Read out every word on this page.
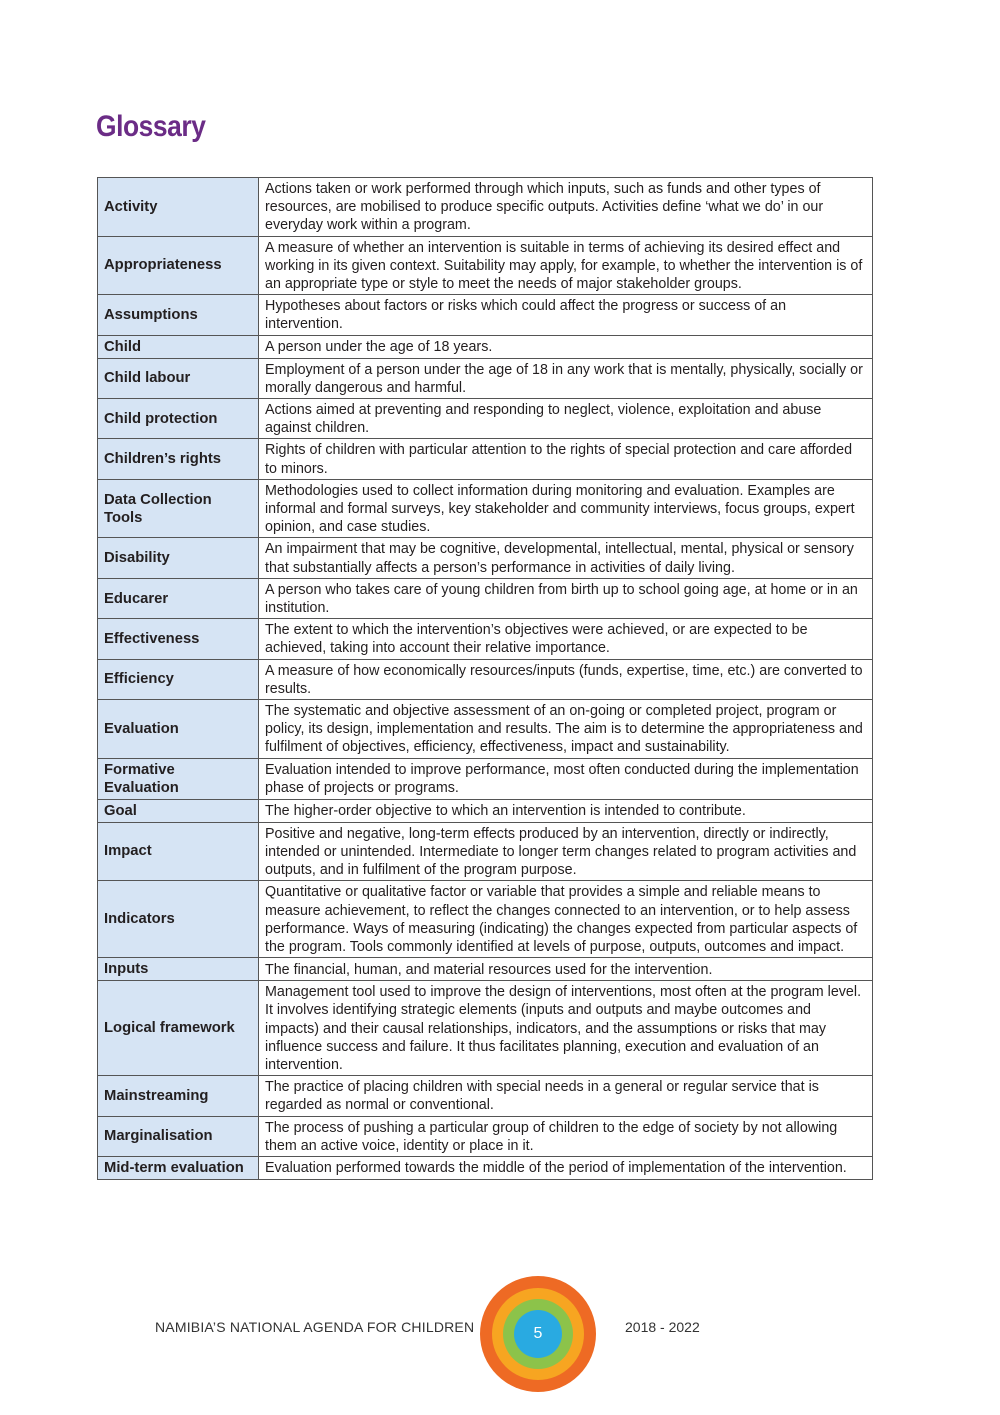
Glossary
Activity	Actions taken or work performed through which inputs, such as funds and other types of resources, are mobilised to produce specific outputs. Activities define ‘what we do’ in our everyday work within a program.
Appropriateness	A measure of whether an intervention is suitable in terms of achieving its desired effect and working in its given context. Suitability may apply, for example, to whether the intervention is of an appropriate type or style to meet the needs of major stakeholder groups.
Assumptions	Hypotheses about factors or risks which could affect the progress or success of an intervention.
Child	A person under the age of 18 years.
Child labour	Employment of a person under the age of 18 in any work that is mentally, physically, socially or morally dangerous and harmful.
Child protection	Actions aimed at preventing and responding to neglect, violence, exploitation and abuse against children.
Children’s rights	Rights of children with particular attention to the rights of special protection and care afforded to minors.
Data Collection Tools	Methodologies used to collect information during monitoring and evaluation. Examples are informal and formal surveys, key stakeholder and community interviews, focus groups, expert opinion, and case studies.
Disability	An impairment that may be cognitive, developmental, intellectual, mental, physical or sensory that substantially affects a person’s performance in activities of daily living.
Educarer	A person who takes care of young children from birth up to school going age, at home or in an institution.
Effectiveness	The extent to which the intervention’s objectives were achieved, or are expected to be achieved, taking into account their relative importance.
Efficiency	A measure of how economically resources/inputs (funds, expertise, time, etc.) are converted to results.
Evaluation	The systematic and objective assessment of an on-going or completed project, program or policy, its design, implementation and results. The aim is to determine the appropriateness and fulfilment of objectives, efficiency, effectiveness, impact and sustainability.
Formative Evaluation	Evaluation intended to improve performance, most often conducted during the implementation phase of projects or programs.
Goal	The higher-order objective to which an intervention is intended to contribute.
Impact	Positive and negative, long-term effects produced by an intervention, directly or indirectly, intended or unintended. Intermediate to longer term changes related to program activities and outputs, and in fulfilment of the program purpose.
Indicators	Quantitative or qualitative factor or variable that provides a simple and reliable means to measure achievement, to reflect the changes connected to an intervention, or to help assess performance. Ways of measuring (indicating) the changes expected from particular aspects of the program. Tools commonly identified at levels of purpose, outputs, outcomes and impact.
Inputs	The financial, human, and material resources used for the intervention.
Logical framework	Management tool used to improve the design of interventions, most often at the program level. It involves identifying strategic elements (inputs and outputs and maybe outcomes and impacts) and their causal relationships, indicators, and the assumptions or risks that may influence success and failure. It thus facilitates planning, execution and evaluation of an intervention.
Mainstreaming	The practice of placing children with special needs in a general or regular service that is regarded as normal or conventional.
Marginalisation	The process of pushing a particular group of children to the edge of society by not allowing them an active voice, identity or place in it.
Mid-term evaluation	Evaluation performed towards the middle of the period of implementation of the intervention.
NAMIBIA’S NATIONAL AGENDA FOR CHILDREN	5	2018 - 2022
